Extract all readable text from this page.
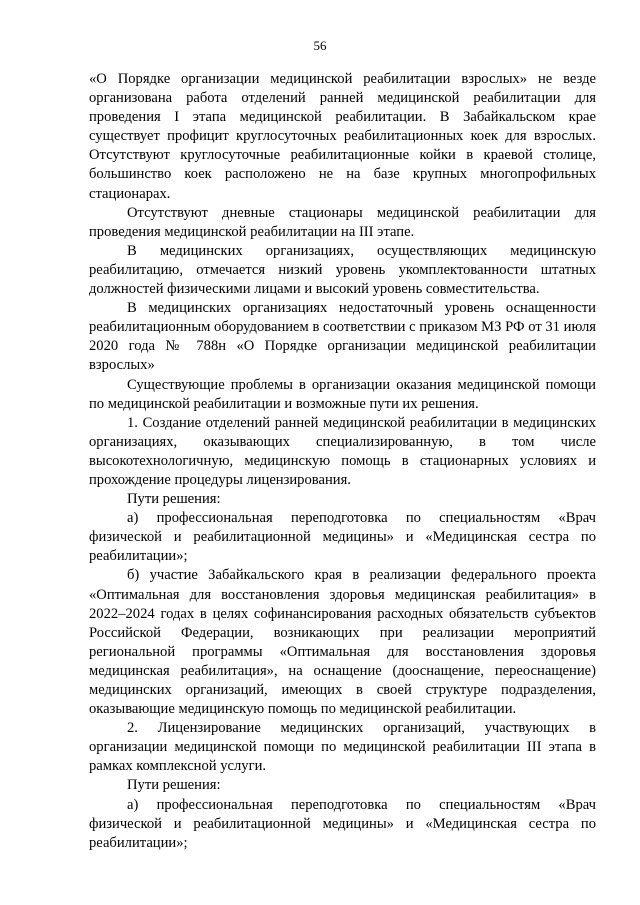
56

«О Порядке организации медицинской реабилитации взрослых» не везде организована работа отделений ранней медицинской реабилитации для проведения I этапа медицинской реабилитации. В Забайкальском крае существует профицит круглосуточных реабилитационных коек для взрослых. Отсутствуют круглосуточные реабилитационные койки в краевой столице, большинство коек расположено не на базе крупных многопрофильных стационарах.

Отсутствуют дневные стационары медицинской реабилитации для проведения медицинской реабилитации на III этапе.

В медицинских организациях, осуществляющих медицинскую реабилитацию, отмечается низкий уровень укомплектованности штатных должностей физическими лицами и высокий уровень совместительства.

В медицинских организациях недостаточный уровень оснащенности реабилитационным оборудованием в соответствии с приказом МЗ РФ от 31 июля 2020 года № 788н «О Порядке организации медицинской реабилитации взрослых»

Существующие проблемы в организации оказания медицинской помощи по медицинской реабилитации и возможные пути их решения.

1. Создание отделений ранней медицинской реабилитации в медицинских организациях, оказывающих специализированную, в том числе высокотехнологичную, медицинскую помощь в стационарных условиях и прохождение процедуры лицензирования.

Пути решения:

а) профессиональная переподготовка по специальностям «Врач физической и реабилитационной медицины» и «Медицинская сестра по реабилитации»;

б) участие Забайкальского края в реализации федерального проекта «Оптимальная для восстановления здоровья медицинская реабилитация» в 2022–2024 годах в целях софинансирования расходных обязательств субъектов Российской Федерации, возникающих при реализации мероприятий региональной программы «Оптимальная для восстановления здоровья медицинская реабилитация», на оснащение (дооснащение, переоснащение) медицинских организаций, имеющих в своей структуре подразделения, оказывающие медицинскую помощь по медицинской реабилитации.

2. Лицензирование медицинских организаций, участвующих в организации медицинской помощи по медицинской реабилитации III этапа в рамках комплексной услуги.

Пути решения:

а) профессиональная переподготовка по специальностям «Врач физической и реабилитационной медицины» и «Медицинская сестра по реабилитации»;
